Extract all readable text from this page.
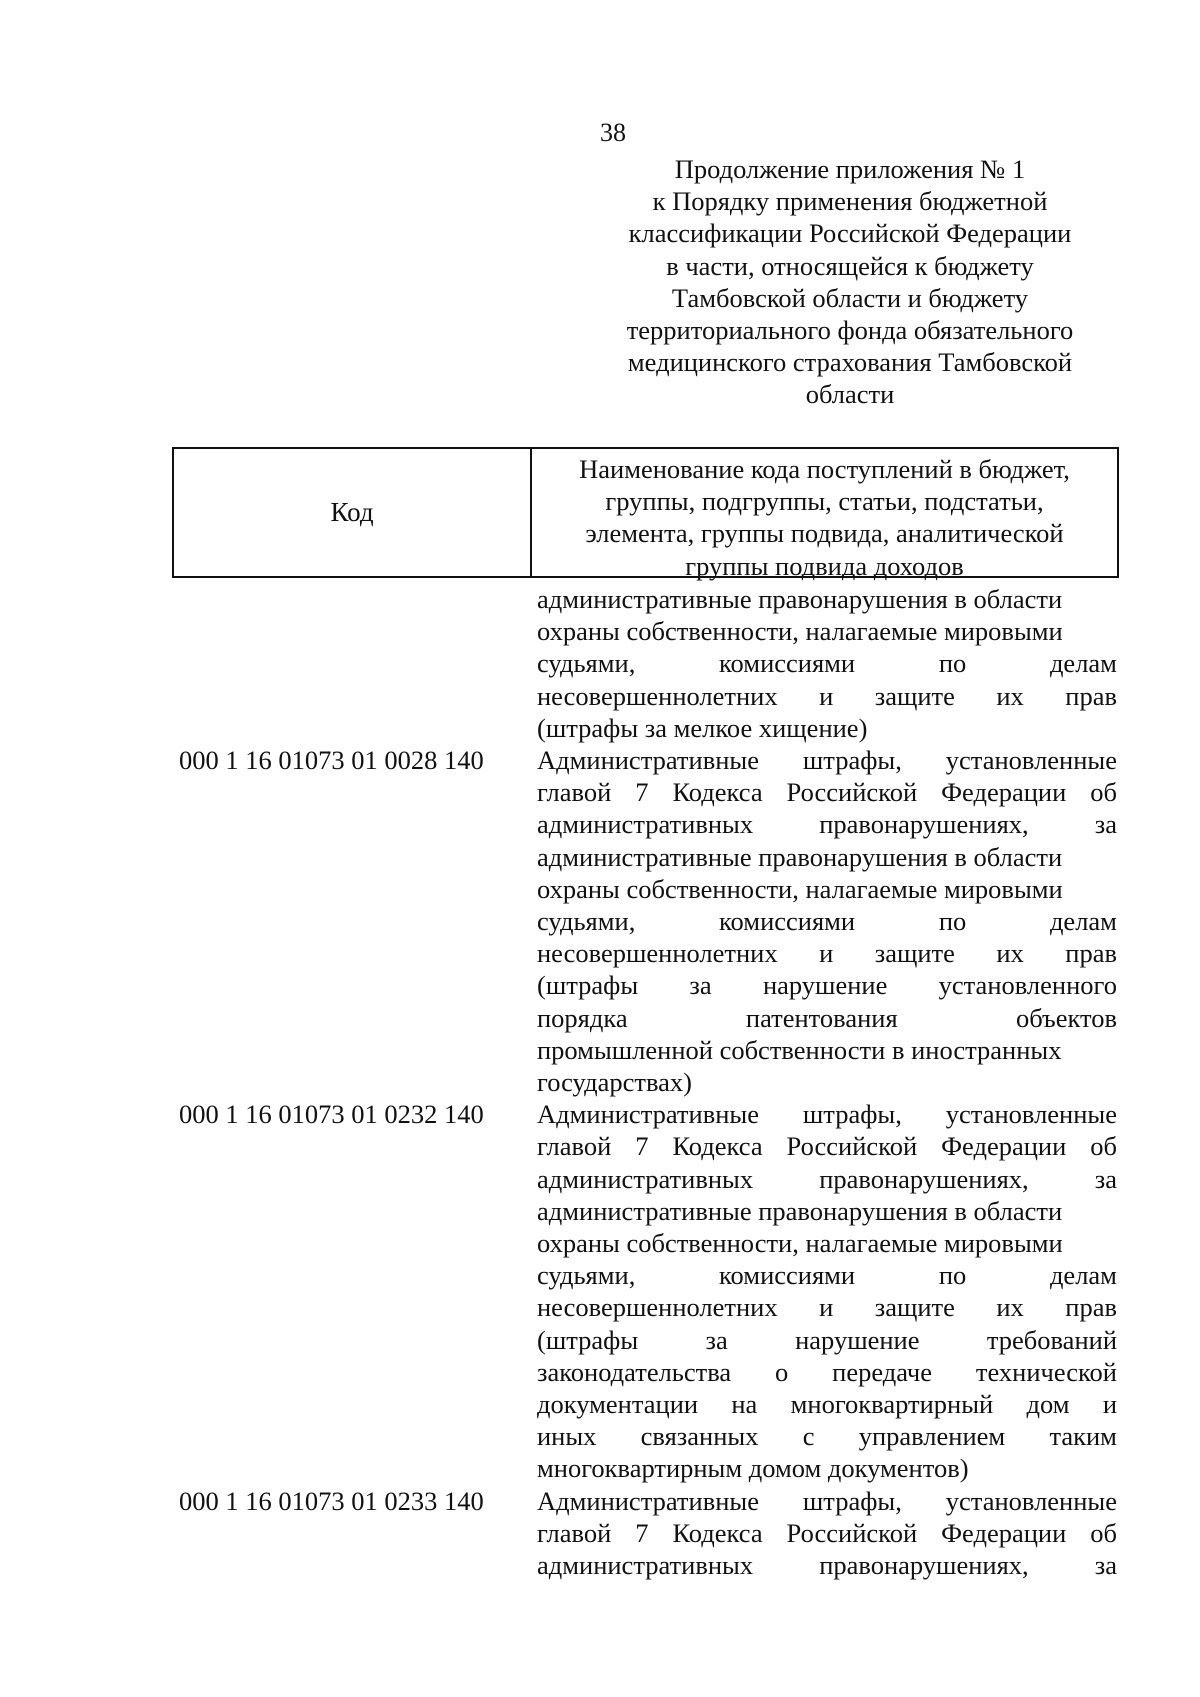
38
Продолжение приложения № 1
к Порядку применения бюджетной
классификации Российской Федерации
в части, относящейся к бюджету
Тамбовской области и бюджету
территориального фонда обязательного
медицинского страхования Тамбовской
области
Код
Наименование кода поступлений в бюджет,
группы, подгруппы, статьи, подстатьи,
элемента, группы подвида, аналитической
группы подвида доходов
административные правонарушения в области
охраны собственности, налагаемые мировыми
судьями,	комиссиями	по	делам
несовершеннолетних и защите их прав
(штрафы за мелкое хищение)
000 1 16 01073 01 0028 140	Административные штрафы, установленные
главой 7 Кодекса Российской Федерации об
административных правонарушениях, за
административные правонарушения в области
охраны собственности, налагаемые мировыми
судьями,	комиссиями	по	делам
несовершеннолетних и защите их прав
(штрафы за нарушение установленного
порядка	патентования	объектов
промышленной собственности в иностранных
государствах)
000 1 16 01073 01 0232 140	Административные штрафы, установленные
главой 7 Кодекса Российской Федерации об
административных правонарушениях, за
административные правонарушения в области
охраны собственности, налагаемые мировыми
судьями,	комиссиями	по	делам
несовершеннолетних и защите их прав
(штрафы	за	нарушение	требований
законодательства о передаче технической
документации на многоквартирный дом и
иных связанных с управлением таким
многоквартирным домом документов)
000 1 16 01073 01 0233 140	Административные штрафы, установленные
главой 7 Кодекса Российской Федерации об
административных правонарушениях, за
